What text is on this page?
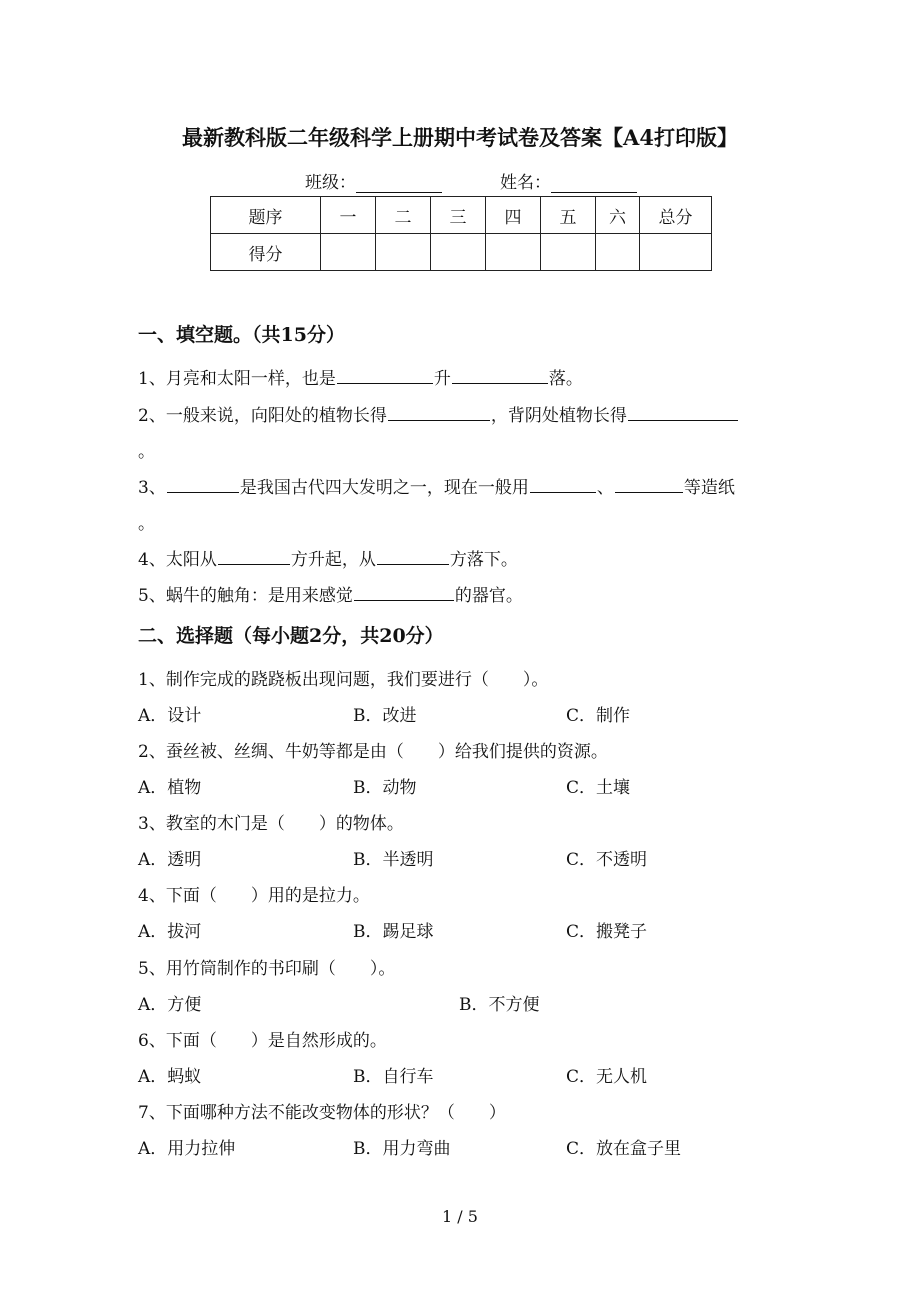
最新教科版二年级科学上册期中考试卷及答案【A4打印版】
班级：	姓名：
题序	一	二	三	四	五	六	总分
得分							
一、填空题。（共15分）
1、月亮和太阳一样，也是	升	落。
2、一般来说，向阳处的植物长得	，背阴处植物长得
。
3、	是我国古代四大发明之一，现在一般用	、	等造纸
。
4、太阳从	方升起，从	方落下。
5、蜗牛的触角：是用来感觉	的器官。
二、选择题（每小题2分，共20分）
1、制作完成的跷跷板出现问题，我们要进行（　　）。
A．设计	B．改进	C．制作
2、蚕丝被、丝绸、牛奶等都是由（　　）给我们提供的资源。
A．植物	B．动物	C．土壤
3、教室的木门是（　　）的物体。
A．透明	B．半透明	C．不透明
4、下面（　　）用的是拉力。
A．拔河	B．踢足球	C．搬凳子
5、用竹筒制作的书印刷（　　）。
A．方便	B．不方便
6、下面（　　）是自然形成的。
A．蚂蚁	B．自行车	C．无人机
7、下面哪种方法不能改变物体的形状？（　　）
A．用力拉伸	B．用力弯曲	C．放在盒子里
1 / 5
